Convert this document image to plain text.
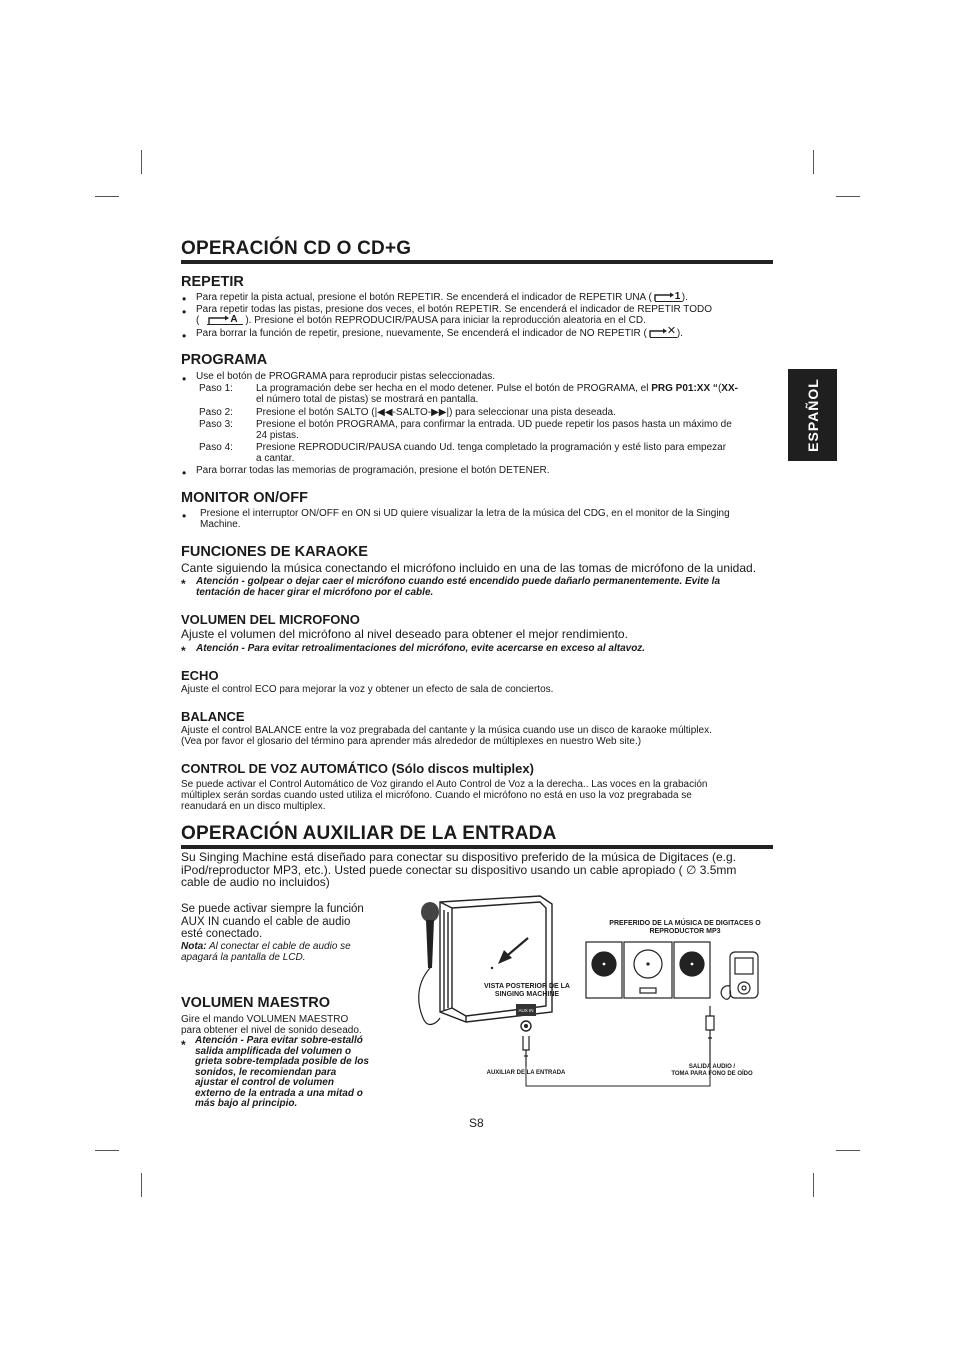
ESPAÑOL
OPERACIÓN CD O CD+G
REPETIR
• Para repetir la pista actual, presione el botón REPETIR. Se encenderá el indicador de REPETIR UNA ( 1 ).
• Para repetir todas las pistas, presione dos veces, el botón REPETIR. Se encenderá el indicador de REPETIR TODO
(	A ). Presione el botón REPRODUCIR/PAUSA para iniciar la reproducción aleatoria en el CD.
• Para borrar la función de repetir, presione, nuevamente, Se encenderá el indicador de NO REPETIR ( ✕ ).
PROGRAMA
• Use el botón de PROGRAMA para reproducir pistas seleccionadas.
Paso 1: La programación debe ser hecha en el modo detener. Pulse el botón de PROGRAMA, el PRG P01:XX “(XX-
el número total de pistas) se mostrará en pantalla.
Paso 2: Presione el botón SALTO (|◀◀-SALTO-▶▶|) para seleccionar una pista deseada.
Paso 3: Presione el botón PROGRAMA, para confirmar la entrada. UD puede repetir los pasos hasta un máximo de
24 pistas.
Paso 4: Presione REPRODUCIR/PAUSA cuando Ud. tenga completado la programación y esté listo para empezar
a cantar.
• Para borrar todas las memorias de programación, presione el botón DETENER.
MONITOR ON/OFF
• Presione el interruptor ON/OFF en ON si UD quiere visualizar la letra de la música del CDG, en el monitor de la Singing
Machine.
FUNCIONES DE KARAOKE
Cante siguiendo la música conectando el micrófono incluido en una de las tomas de micrófono de la unidad.
* Atención - golpear o dejar caer el micrófono cuando esté encendido puede dañarlo permanentemente. Evite la
tentación de hacer girar el micrófono por el cable.
VOLUMEN DEL MICROFONO
Ajuste el volumen del micrófono al nivel deseado para obtener el mejor rendimiento.
* Atención - Para evitar retroalimentaciones del micrófono, evite acercarse en exceso al altavoz.
ECHO
Ajuste el control ECO para mejorar la voz y obtener un efecto de sala de conciertos.
BALANCE
Ajuste el control BALANCE entre la voz pregrabada del cantante y la música cuando use un disco de karaoke múltiplex.
(Vea por favor el glosario del término para aprender más alrededor de múltiplexes en nuestro Web site.)
CONTROL DE VOZ AUTOMÁTICO (Sólo discos multiplex)
Se puede activar el Control Automático de Voz girando el Auto Control de Voz a la derecha.. Las voces en la grabación
múltiplex serán sordas cuando usted utiliza el micrófono. Cuando el micrófono no está en uso la voz pregrabada se
reanudará en un disco multiplex.
OPERACIÓN AUXILIAR DE LA ENTRADA
Su Singing Machine está diseñado para conectar su dispositivo preferido de la música de Digitaces (e.g.
iPod/reproductor MP3, etc.). Usted puede conectar su dispositivo usando un cable apropiado ( ∅ 3.5mm
cable de audio no incluidos)
Se puede activar siempre la función
AUX IN cuando el cable de audio
esté conectado.
Nota: Al conectar el cable de audio se
apagará la pantalla de LCD.
VOLUMEN MAESTRO
Gire el mando VOLUMEN MAESTRO
para obtener el nivel de sonido deseado.
* Atención - Para evitar sobre-estalló
salida amplificada del volumen o
grieta sobre-templada posible de los
sonidos, le recomiendan para
ajustar el control de volumen
externo de la entrada a una mitad o
más bajo al principio.
AUX IN
VISTA POSTERIOR DE LA SINGING MACHINE
PREFERIDO DE LA MÚSICA DE DIGITACES O REPRODUCTOR MP3
AUXILIAR DE LA ENTRADA
SALIDA AUDIO /
TOMA PARA FONO DE OÍDO
S8
